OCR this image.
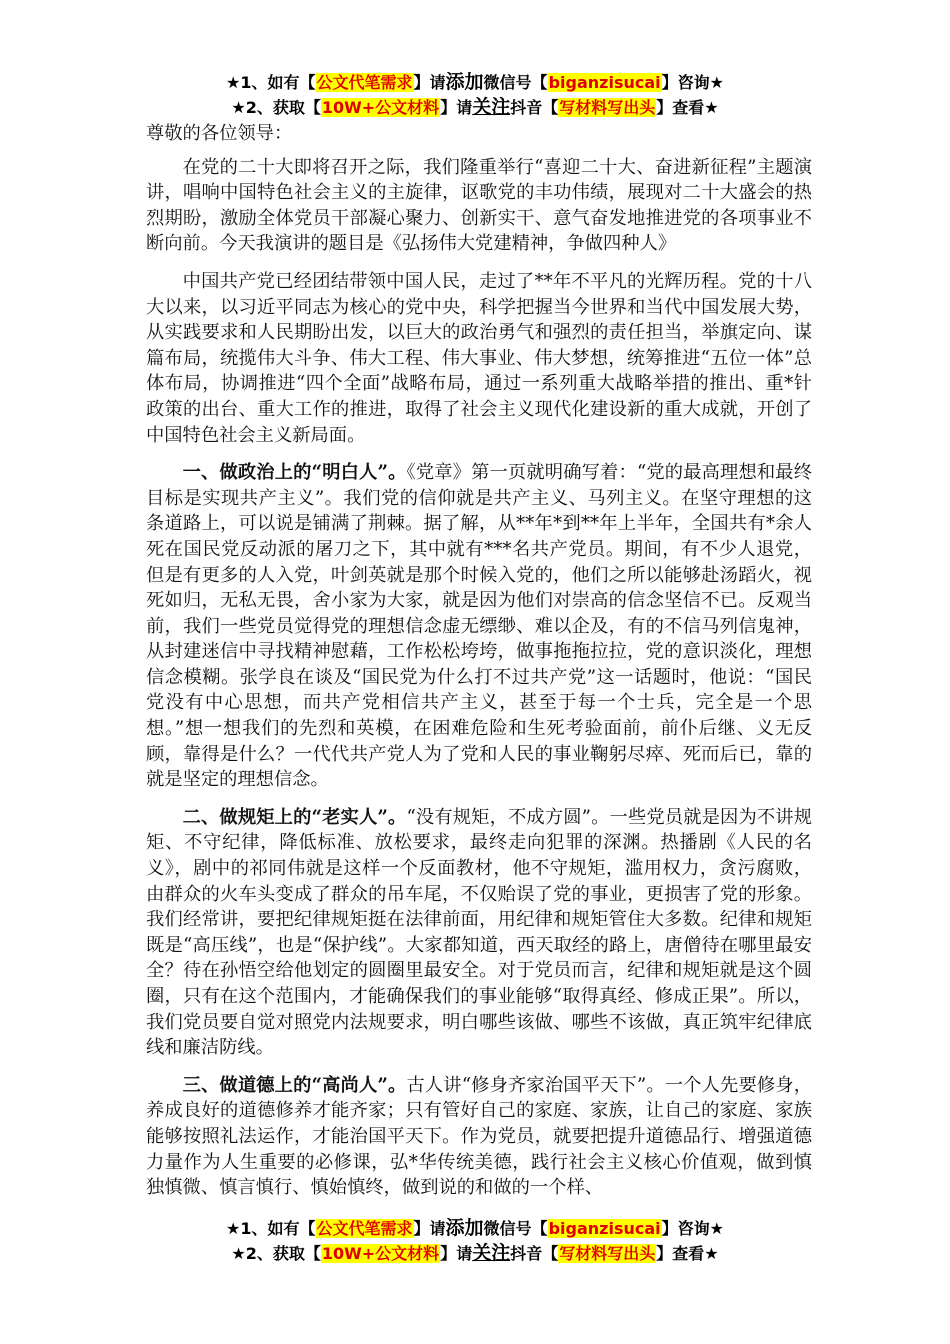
★1、如有【公文代笔需求】请添加微信号【biganzisucai】咨询★
★2、获取【10W+公文材料】请关注抖音【写材料写出头】查看★

尊敬的各位领导：

在党的二十大即将召开之际，我们隆重举行“喜迎二十大、奋进新征程”主题演讲，唱响中国特色社会主义的主旋律，讴歌党的丰功伟绩，展现对二十大盛会的热烈期盼，激励全体党员干部凝心聚力、创新实干、意气奋发地推进党的各项事业不断向前。今天我演讲的题目是《弘扬伟大党建精神，争做四种人》

中国共产党已经团结带领中国人民，走过了**年不平凡的光辉历程。党的十八大以来，以习近平同志为核心的党中央，科学把握当今世界和当代中国发展大势，从实践要求和人民期盼出发，以巨大的政治勇气和强烈的责任担当，举旗定向、谋篇布局，统揽伟大斗争、伟大工程、伟大事业、伟大梦想，统筹推进“五位一体”总体布局，协调推进“四个全面”战略布局，通过一系列重大战略举措的推出、重*针政策的出台、重大工作的推进，取得了社会主义现代化建设新的重大成就，开创了中国特色社会主义新局面。

一、做政治上的“明白人”。《党章》第一页就明确写着：“党的最高理想和最终目标是实现共产主义”。我们党的信仰就是共产主义、马列主义。在坚守理想的这条道路上，可以说是铺满了荆棘。据了解，从**年*到**年上半年，全国共有*余人死在国民党反动派的屠刀之下，其中就有***名共产党员。期间，有不少人退党，但是有更多的人入党，叶剑英就是那个时候入党的，他们之所以能够赴汤蹈火，视死如归，无私无畏，舍小家为大家，就是因为他们对崇高的信念坚信不已。反观当前，我们一些党员觉得党的理想信念虚无缥缈、难以企及，有的不信马列信鬼神，从封建迷信中寻找精神慰藉，工作松松垮垮，做事拖拖拉拉，党的意识淡化，理想信念模糊。张学良在谈及“国民党为什么打不过共产党”这一话题时，他说：“国民党没有中心思想，而共产党相信共产主义，甚至于每一个士兵，完全是一个思想。”想一想我们的先烈和英模，在困难危险和生死考验面前，前仆后继、义无反顾，靠得是什么？一代代共产党人为了党和人民的事业鞠躬尽瘁、死而后已，靠的就是坚定的理想信念。

二、做规矩上的“老实人”。“没有规矩，不成方圆”。一些党员就是因为不讲规矩、不守纪律，降低标准、放松要求，最终走向犯罪的深渊。热播剧《人民的名义》，剧中的祁同伟就是这样一个反面教材，他不守规矩，滥用权力，贪污腐败，由群众的火车头变成了群众的吊车尾，不仅贻误了党的事业，更损害了党的形象。我们经常讲，要把纪律规矩挺在法律前面，用纪律和规矩管住大多数。纪律和规矩既是“高压线”，也是“保护线”。大家都知道，西天取经的路上，唐僧待在哪里最安全？待在孙悟空给他划定的圆圈里最安全。对于党员而言，纪律和规矩就是这个圆圈，只有在这个范围内，才能确保我们的事业能够“取得真经、修成正果”。所以，我们党员要自觉对照党内法规要求，明白哪些该做、哪些不该做，真正筑牢纪律底线和廉洁防线。

三、做道德上的“高尚人”。古人讲“修身齐家治国平天下”。一个人先要修身，养成良好的道德修养才能齐家；只有管好自己的家庭、家族，让自己的家庭、家族能够按照礼法运作，才能治国平天下。作为党员，就要把提升道德品行、增强道德力量作为人生重要的必修课，弘*华传统美德，践行社会主义核心价值观，做到慎独慎微、慎言慎行、慎始慎终，做到说的和做的一个样、

★1、如有【公文代笔需求】请添加微信号【biganzisucai】咨询★
★2、获取【10W+公文材料】请关注抖音【写材料写出头】查看★
